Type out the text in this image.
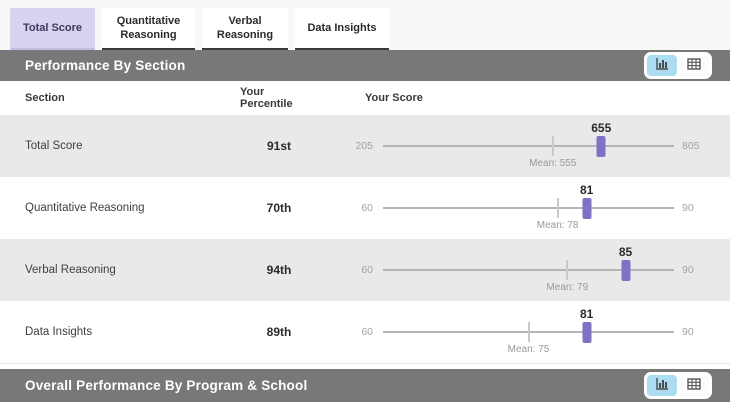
Total Score
Quantitative Reasoning
Verbal Reasoning
Data Insights
Performance By Section
Section	Your Percentile	Your Score
Total Score	91st	205
Mean: 555
655
805
Quantitative Reasoning	70th	60
Mean: 78
81
90
Verbal Reasoning	94th	60
Mean: 79
85
90
Data Insights	89th	60
Mean: 75
81
90
Overall Performance By Program & School
